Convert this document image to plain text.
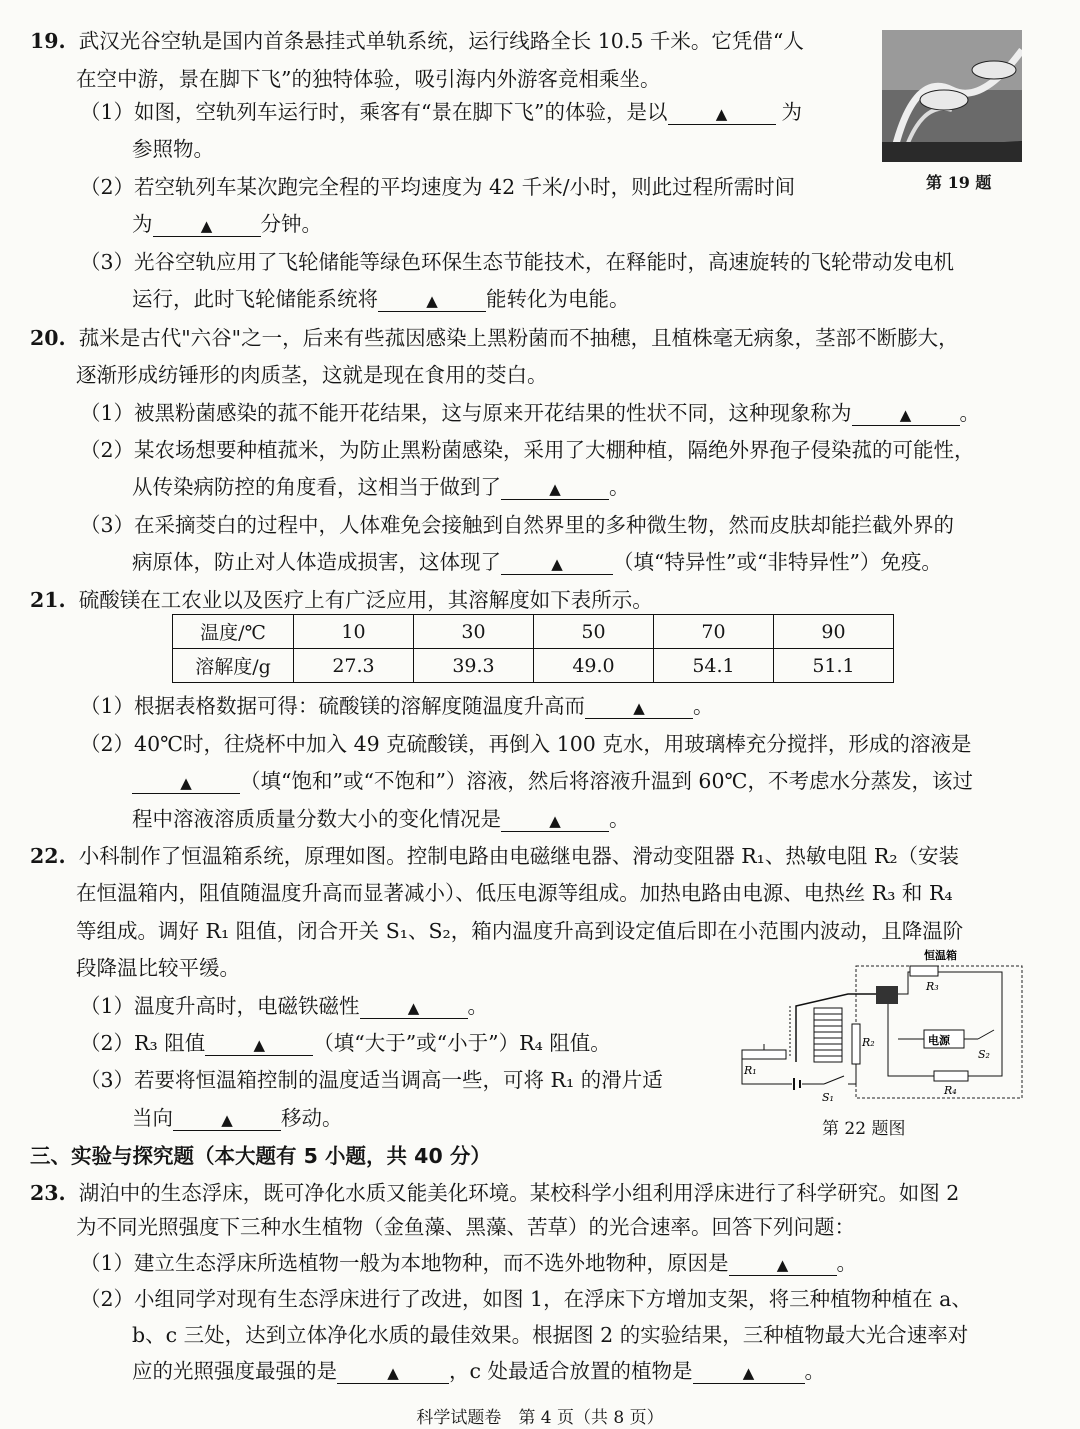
19. 武汉光谷空轨是国内首条悬挂式单轨系统，运行线路全长 10.5 千米。它凭借“人
在空中游，景在脚下飞”的独特体验，吸引海内外游客竞相乘坐。
（1）如图，空轨列车运行时，乘客有“景在脚下飞”的体验，是以	▲	为
参照物。
（2）若空轨列车某次跑完全程的平均速度为 42 千米/小时，则此过程所需时间
为	▲ 分钟。
（3）光谷空轨应用了飞轮储能等绿色环保生态节能技术，在释能时，高速旋转的飞轮带动发电机
运行，此时飞轮储能系统将	▲ 能转化为电能。
第 19 题
20. 菰米是古代"六谷"之一，后来有些菰因感染上黑粉菌而不抽穗，且植株毫无病象，茎部不断膨大，
逐渐形成纺锤形的肉质茎，这就是现在食用的茭白。
（1）被黑粉菌感染的菰不能开花结果，这与原来开花结果的性状不同，这种现象称为	▲ 。
（2）某农场想要种植菰米，为防止黑粉菌感染，采用了大棚种植，隔绝外界孢子侵染菰的可能性，
从传染病防控的角度看，这相当于做到了	▲ 。
（3）在采摘茭白的过程中，人体难免会接触到自然界里的多种微生物，然而皮肤却能拦截外界的
病原体，防止对人体造成损害，这体现了	▲ （填“特异性”或“非特异性”）免疫。
21. 硫酸镁在工农业以及医疗上有广泛应用，其溶解度如下表所示。
温度/℃	10	30	50	70	90
溶解度/g	27.3	39.3	49.0	54.1	51.1
（1）根据表格数据可得：硫酸镁的溶解度随温度升高而	▲ 。
（2）40℃时，往烧杯中加入 49 克硫酸镁，再倒入 100 克水，用玻璃棒充分搅拌，形成的溶液是
▲ （填“饱和”或“不饱和”）溶液，然后将溶液升温到 60℃，不考虑水分蒸发，该过
程中溶液溶质质量分数大小的变化情况是	▲ 。
22. 小科制作了恒温箱系统，原理如图。控制电路由电磁继电器、滑动变阻器 R₁、热敏电阻 R₂（安装
在恒温箱内，阻值随温度升高而显著减小）、低压电源等组成。加热电路由电源、电热丝 R₃ 和 R₄
等组成。调好 R₁ 阻值，闭合开关 S₁、S₂，箱内温度升高到设定值后即在小范围内波动，且降温阶
段降温比较平缓。
（1）温度升高时，电磁铁磁性	▲ 。
（2）R₃ 阻值	▲ （填“大于”或“小于”）R₄ 阻值。
（3）若要将恒温箱控制的温度适当调高一些，可将 R₁ 的滑片适
当向	▲ 移动。
恒温箱
R₂
S₁
R₁
R₃
电源
S₂
R₄
第 22 题图
三、实验与探究题（本大题有 5 小题，共 40 分）
23. 湖泊中的生态浮床，既可净化水质又能美化环境。某校科学小组利用浮床进行了科学研究。如图 2
为不同光照强度下三种水生植物（金鱼藻、黑藻、苦草）的光合速率。回答下列问题：
（1）建立生态浮床所选植物一般为本地物种，而不选外地物种，原因是	▲ 。
（2）小组同学对现有生态浮床进行了改进，如图 1，在浮床下方增加支架，将三种植物种植在 a、
b、c 三处，达到立体净化水质的最佳效果。根据图 2 的实验结果，三种植物最大光合速率对
应的光照强度最强的是	▲ ，c 处最适合放置的植物是	▲ 。
科学试题卷　第 4 页（共 8 页）
